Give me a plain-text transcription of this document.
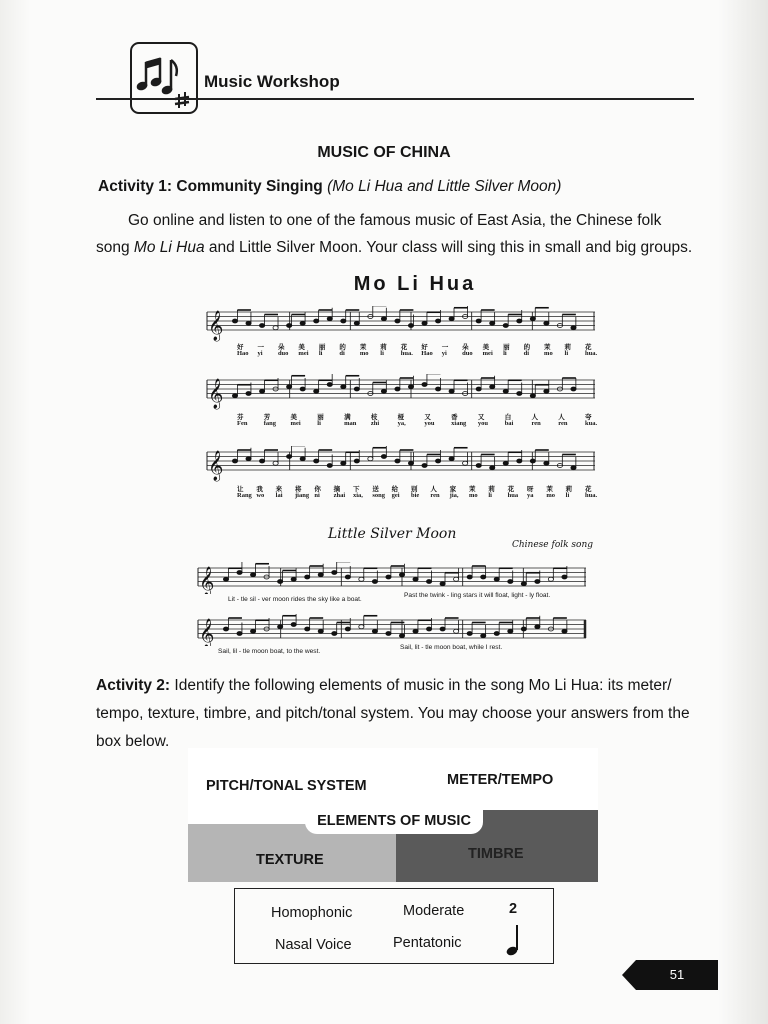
Music Workshop
MUSIC OF CHINA
Activity 1: Community Singing (Mo Li Hua and Little Silver Moon)
Go online and listen to one of the famous music of East Asia, the Chinese folk
song Mo Li Hua and Little Silver Moon. Your class will sing this in small and big groups.
Mo Li Hua
𝄞
好 一 朵 美 丽 的 茉 莉 花 好 一 朵 美 丽 的 茉 莉 花
Hao yi duo mei li	di mo li	hua. Hao yi duo mei li	di mo li	hua.
𝄞
芬	芳	美	丽	满	枝	桠	又	香	又	白	人	人	夸
Fen	fang mei	li	man zhi	ya,	you	xiang you	bai	ren	ren	kua.
𝄞
让 我 来 将 你 摘 下 送 给 别 人 家 茉 莉 花 呀 茉 莉 花
Rang wo lai jiang ni zhai xia, song gei bie ren jia, mo li hua ya mo li hua.
Little Silver Moon
Chinese folk song
𝄞
Lit - tle sil - ver moon rides the sky like a boat.
Past the twink - ling stars it will float, light - ly float.
𝄞
Sail, lil - tle moon boat, to the west.
Sail, lit - tle moon boat, while I rest.
Activity 2: Identify the following elements of music in the song Mo Li Hua: its meter/ tempo, texture, timbre, and pitch/tonal system. You may choose your answers from the box below.
PITCH/TONAL SYSTEM	METER/TEMPO
ELEMENTS OF MUSIC
TEXTURE	TIMBRE
Homophonic	Moderate	2
Nasal Voice	Pentatonic
51
